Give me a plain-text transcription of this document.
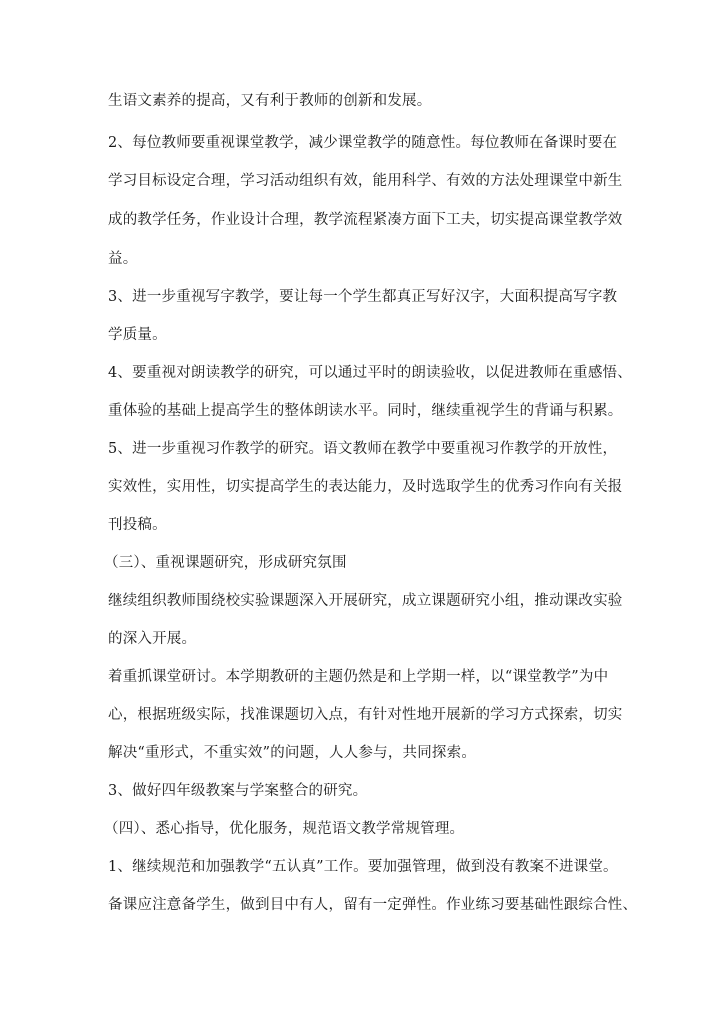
生语文素养的提高，又有利于教师的创新和发展。
2、每位教师要重视课堂教学，减少课堂教学的随意性。每位教师在备课时要在
学习目标设定合理，学习活动组织有效，能用科学、有效的方法处理课堂中新生
成的教学任务，作业设计合理，教学流程紧凑方面下工夫，切实提高课堂教学效
益。
3、进一步重视写字教学，要让每一个学生都真正写好汉字，大面积提高写字教
学质量。
4、要重视对朗读教学的研究，可以通过平时的朗读验收，以促进教师在重感悟、
重体验的基础上提高学生的整体朗读水平。同时，继续重视学生的背诵与积累。
5、进一步重视习作教学的研究。语文教师在教学中要重视习作教学的开放性，
实效性，实用性，切实提高学生的表达能力，及时选取学生的优秀习作向有关报
刊投稿。
（三）、重视课题研究，形成研究氛围
继续组织教师围绕校实验课题深入开展研究，成立课题研究小组，推动课改实验
的深入开展。
着重抓课堂研讨。本学期教研的主题仍然是和上学期一样，以“课堂教学”为中
心，根据班级实际，找准课题切入点，有针对性地开展新的学习方式探索，切实
解决“重形式，不重实效”的问题，人人参与，共同探索。
3、做好四年级教案与学案整合的研究。
（四）、悉心指导，优化服务，规范语文教学常规管理。
1、继续规范和加强教学“五认真”工作。要加强管理，做到没有教案不进课堂。
备课应注意备学生，做到目中有人，留有一定弹性。作业练习要基础性跟综合性、
